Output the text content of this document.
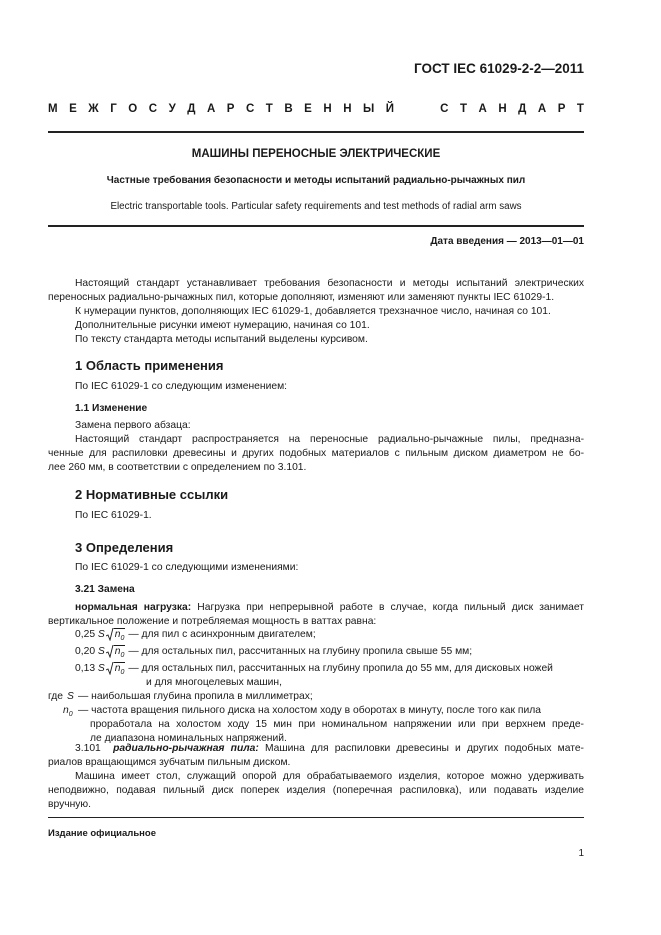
ГОСТ IEC 61029-2-2—2011
М Е Ж Г О С У Д А Р С Т В Е Н Н Ы Й	С Т А Н Д А Р Т
МАШИНЫ ПЕРЕНОСНЫЕ ЭЛЕКТРИЧЕСКИЕ
Частные требования безопасности и методы испытаний радиально-рычажных пил
Electric transportable tools. Particular safety requirements and test methods of radial arm saws
Дата введения — 2013—01—01
Настоящий стандарт устанавливает требования безопасности и методы испытаний электрических
переносных радиально-рычажных пил, которые дополняют, изменяют или заменяют пункты IEC 61029-1.
К нумерации пунктов, дополняющих IEC 61029-1, добавляется трехзначное число, начиная со 101.
Дополнительные рисунки имеют нумерацию, начиная со 101.
По тексту стандарта методы испытаний выделены курсивом.
1 Область применения
По IEC 61029-1 со следующим изменением:
1.1 Изменение
Замена первого абзаца:
Настоящий стандарт распространяется на переносные радиально-рычажные пилы, предназна-
ченные для распиловки древесины и других подобных материалов с пильным диском диаметром не бо-
лее 260 мм, в соответствии с определением по 3.101.
2 Нормативные ссылки
По IEC 61029-1.
3 Определения
По IEC 61029-1 со следующими изменениями:
3.21 Замена
нормальная нагрузка: Нагрузка при непрерывной работе в случае, когда пильный диск занимает
вертикальное положение и потребляемая мощность в ваттах равна:
0,25 S $n_0$ — для пил с асинхронным двигателем;
0,20 S $n_0$ — для остальных пил, рассчитанных на глубину пропила свыше 55 мм;
0,13 S $n_0$ — для остальных пил, рассчитанных на глубину пропила до 55 мм, для дисковых ножей
и для многоцелевых машин,
где S — наибольшая глубина пропила в миллиметрах;
$n_0$ — частота вращения пильного диска на холостом ходу в оборотах в минуту, после того как пила
проработала на холостом ходу 15 мин при номинальном напряжении или при верхнем преде-
ле диапазона номинальных напряжений.
3.101 радиально-рычажная пила: Машина для распиловки древесины и других подобных мате-
риалов вращающимся зубчатым пильным диском.
Машина имеет стол, служащий опорой для обрабатываемого изделия, которое можно удерживать
неподвижно, подавая пильный диск поперек изделия (поперечная распиловка), или подавать изделие
вручную.
Издание официальное
1
